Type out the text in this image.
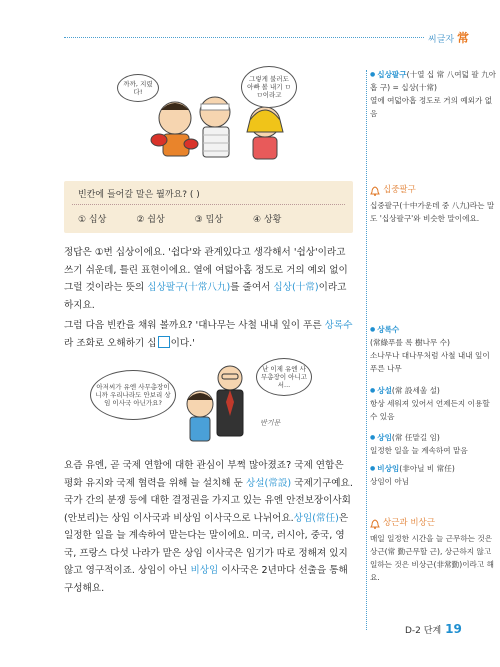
씨글자 常
까까, 지렸다!
그렇게 불러도 아빠 볼 내기 ㅁㅁ이라고
빈칸에 들어갈 말은 뭘까요? ( )
① 십상	② 쉽상	③ 밉상	④ 상황
정답은 ①번 십상이에요. '쉽다'와 관계있다고 생각해서 '쉽상'이라고 쓰기 쉬운데, 틀린 표현이에요. 열에 여덟아홉 정도로 거의 예외 없이 그럴 것이라는 뜻의 십상팔구(十常八九)를 줄여서 십상(十常)이라고 하지요.
그럼 다음 빈칸을 채워 볼까요? '대나무는 사철 내내 잎이 푸른 상록수라 조화로 오해하기 십 이다.'
아저씨가 유엔 사무총장이니까 우리나라도 안보리 상임 이사국 아닌가요?
난 이제 유엔 사무총장이 아니고서...
반기문
요즘 유엔, 곧 국제 연합에 대한 관심이 부쩍 많아졌죠? 국제 연합은 평화 유지와 국제 협력을 위해 늘 설치해 둔 상설(常設) 국제기구예요. 국가 간의 분쟁 등에 대한 결정권을 가지고 있는 유엔 안전보장이사회(안보리)는 상임 이사국과 비상임 이사국으로 나뉘어요.상임(常任)은 일정한 일을 늘 계속하여 맡는다는 말이에요. 미국, 러시아, 중국, 영국, 프랑스 다섯 나라가 맡은 상임 이사국은 임기가 따로 정해져 있지 않고 영구적이죠. 상임이 아닌 비상임 이사국은 2년마다 선출을 통해 구성해요.
● 십상팔구(十열 십 常 八여덟 팔 九아홉 구) = 십상(十常)
열에 여덟아홉 정도로 거의 예외가 없음
십중팔구
십중팔구(十中가운데 중 八九)라는 말도 '십상팔구'와 비슷한 말이에요.
● 상록수
(常綠푸를 록 樹나무 수)
소나무나 대나무처럼 사철 내내 잎이 푸른 나무
● 상설(常 設세울 설)
항상 세워져 있어서 언제든지 이용할 수 있음
● 상임(常 任맡길 임)
일정한 일을 늘 계속하여 맡음
● 비상임(非아닐 비 常任)
상임이 아님
상근과 비상근
매일 일정한 시간을 늘 근무하는 것은 상근(常 勤근무할 근), 상근하지 않고 일하는 것은 비상근(非常勤)이라고 해요.
D-2 단계 19
